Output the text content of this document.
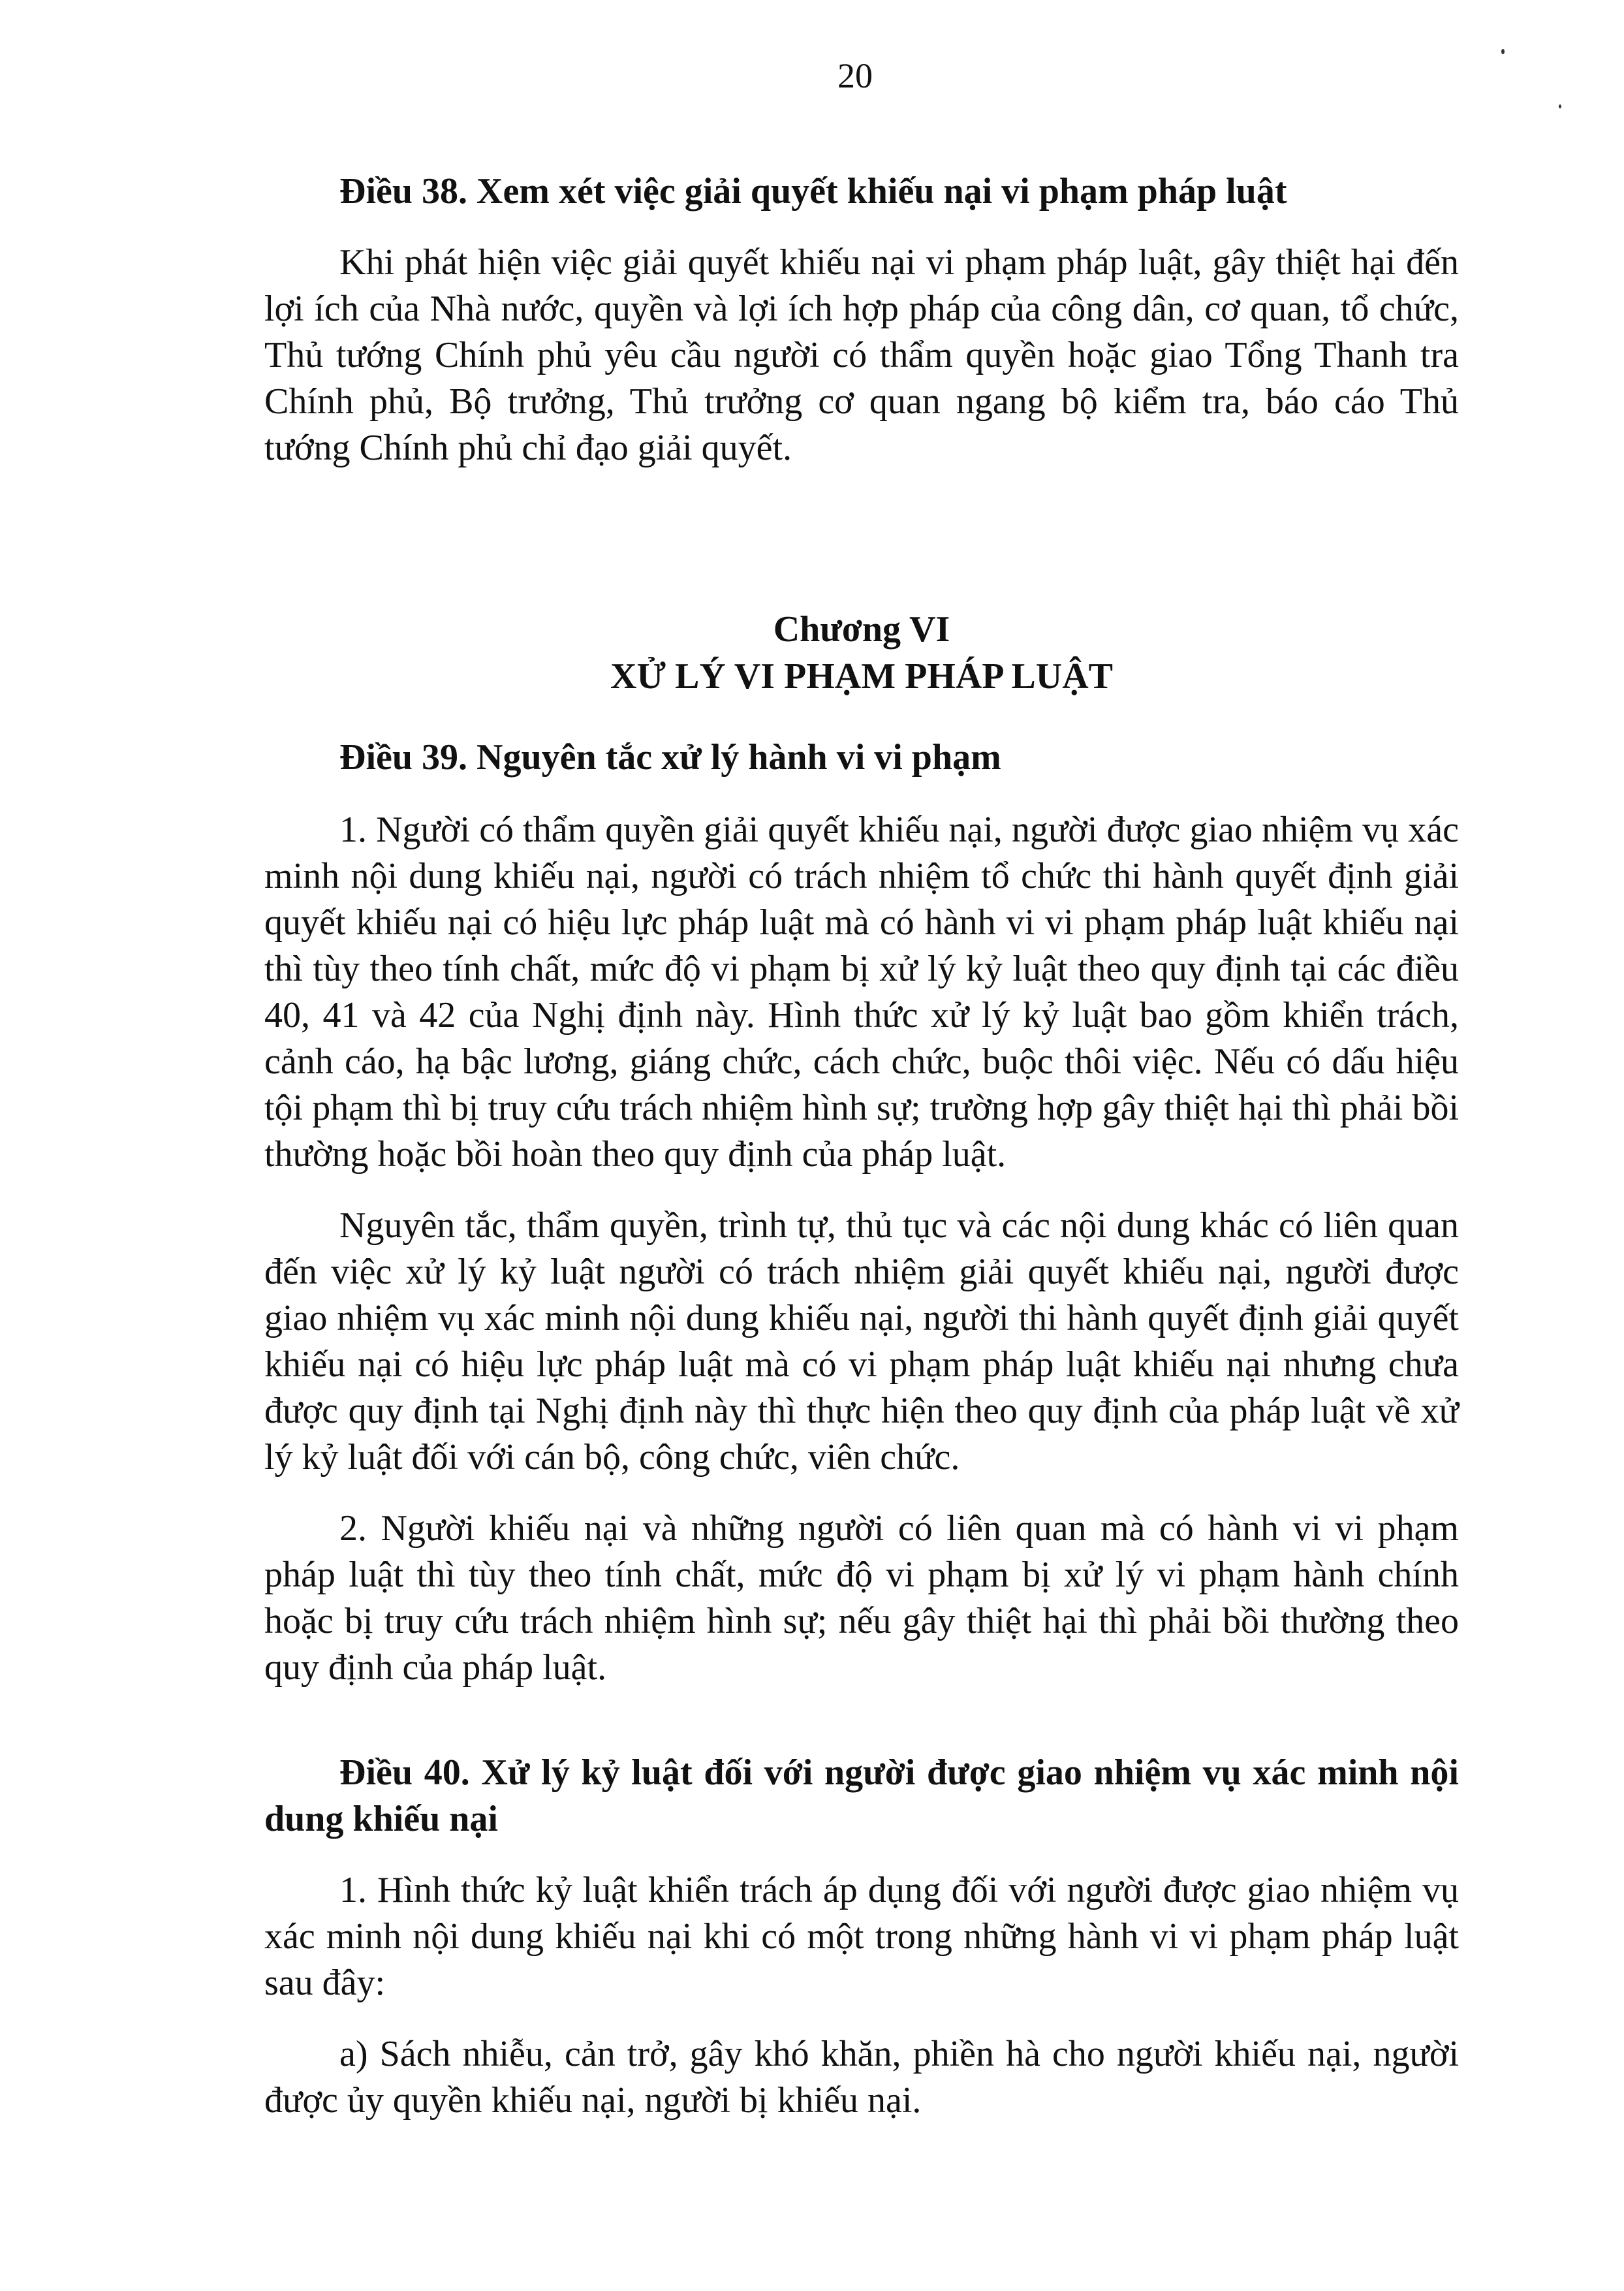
20

Điều 38. Xem xét việc giải quyết khiếu nại vi phạm pháp luật

Khi phát hiện việc giải quyết khiếu nại vi phạm pháp luật, gây thiệt hại đến lợi ích của Nhà nước, quyền và lợi ích hợp pháp của công dân, cơ quan, tổ chức, Thủ tướng Chính phủ yêu cầu người có thẩm quyền hoặc giao Tổng Thanh tra Chính phủ, Bộ trưởng, Thủ trưởng cơ quan ngang bộ kiểm tra, báo cáo Thủ tướng Chính phủ chỉ đạo giải quyết.

Chương VI
XỬ LÝ VI PHẠM PHÁP LUẬT

Điều 39. Nguyên tắc xử lý hành vi vi phạm

1. Người có thẩm quyền giải quyết khiếu nại, người được giao nhiệm vụ xác minh nội dung khiếu nại, người có trách nhiệm tổ chức thi hành quyết định giải quyết khiếu nại có hiệu lực pháp luật mà có hành vi vi phạm pháp luật khiếu nại thì tùy theo tính chất, mức độ vi phạm bị xử lý kỷ luật theo quy định tại các điều 40, 41 và 42 của Nghị định này. Hình thức xử lý kỷ luật bao gồm khiển trách, cảnh cáo, hạ bậc lương, giáng chức, cách chức, buộc thôi việc. Nếu có dấu hiệu tội phạm thì bị truy cứu trách nhiệm hình sự; trường hợp gây thiệt hại thì phải bồi thường hoặc bồi hoàn theo quy định của pháp luật.

Nguyên tắc, thẩm quyền, trình tự, thủ tục và các nội dung khác có liên quan đến việc xử lý kỷ luật người có trách nhiệm giải quyết khiếu nại, người được giao nhiệm vụ xác minh nội dung khiếu nại, người thi hành quyết định giải quyết khiếu nại có hiệu lực pháp luật mà có vi phạm pháp luật khiếu nại nhưng chưa được quy định tại Nghị định này thì thực hiện theo quy định của pháp luật về xử lý kỷ luật đối với cán bộ, công chức, viên chức.

2. Người khiếu nại và những người có liên quan mà có hành vi vi phạm pháp luật thì tùy theo tính chất, mức độ vi phạm bị xử lý vi phạm hành chính hoặc bị truy cứu trách nhiệm hình sự; nếu gây thiệt hại thì phải bồi thường theo quy định của pháp luật.

Điều 40. Xử lý kỷ luật đối với người được giao nhiệm vụ xác minh nội dung khiếu nại

1. Hình thức kỷ luật khiển trách áp dụng đối với người được giao nhiệm vụ xác minh nội dung khiếu nại khi có một trong những hành vi vi phạm pháp luật sau đây:

a) Sách nhiễu, cản trở, gây khó khăn, phiền hà cho người khiếu nại, người được ủy quyền khiếu nại, người bị khiếu nại.
